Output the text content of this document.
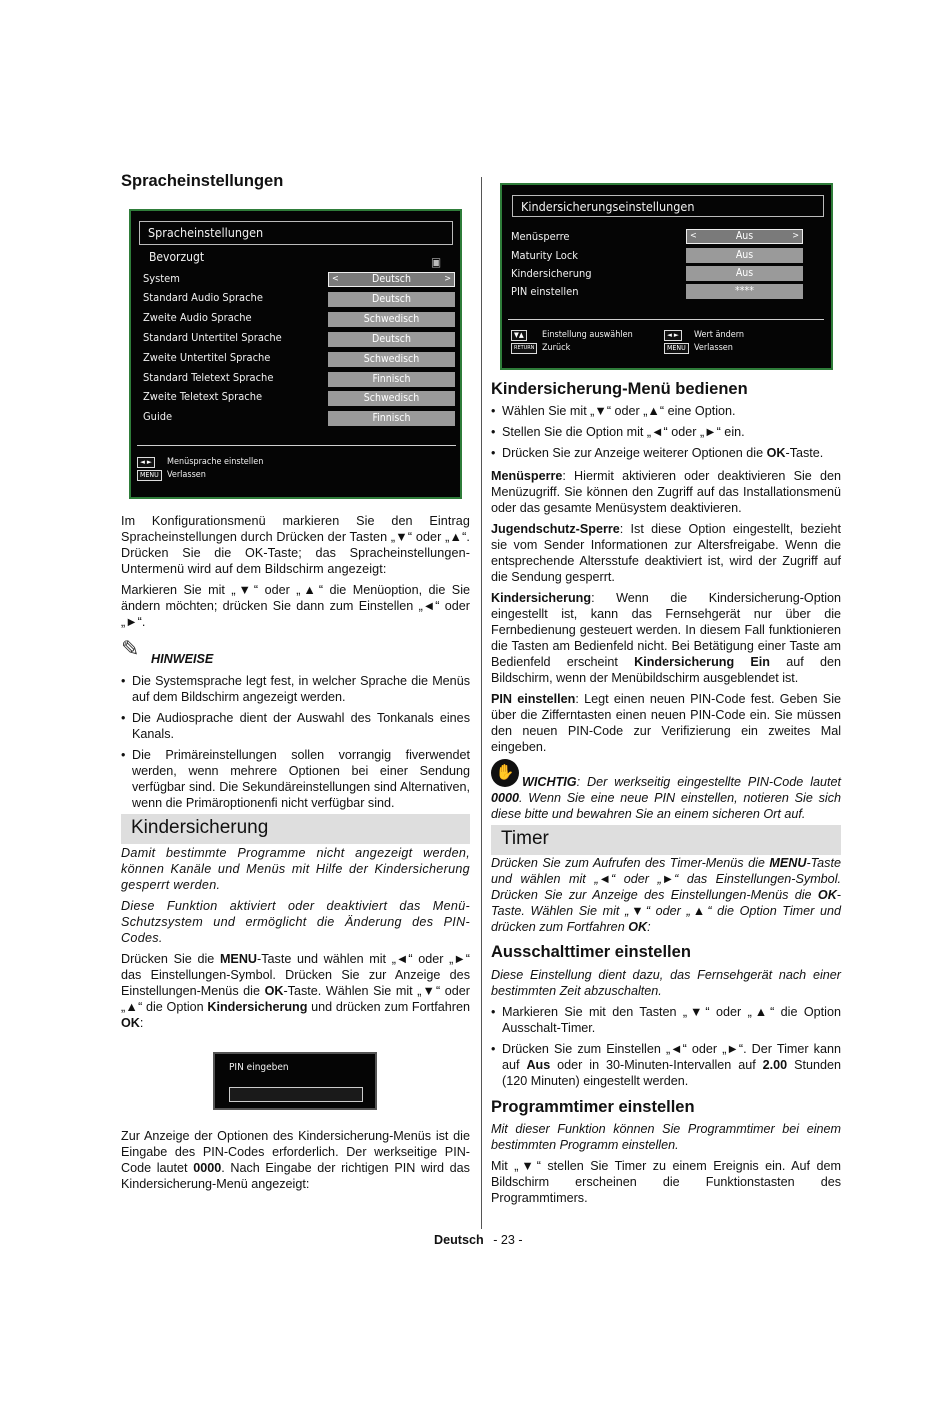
Spracheinstellungen
Spracheinstellungen
Bevorzugt	▣
System	<	Deutsch	>
Standard Audio Sprache	Deutsch
Zweite Audio Sprache	Schwedisch
Standard Untertitel Sprache	Deutsch
Zweite Untertitel Sprache	Schwedisch
Standard Teletext Sprache	Finnisch
Zweite Teletext Sprache	Schwedisch
Guide	Finnisch
◄ ►	Menüsprache einstellen
MENU Verlassen

Im Konfigurationsmenü markieren Sie den Eintrag Spracheinstellungen durch Drücken der Tasten „▼“ oder „▲“. Drücken Sie die OK-Taste; das Spracheinstellungen-Untermenü wird auf dem Bildschirm angezeigt:

Markieren Sie mit „▼“ oder „▲“ die Menüoption, die Sie ändern möchten; drücken Sie dann zum Einstellen „◄“ oder „►“.

✎ HINWEISE
• Die Systemsprache legt fest, in welcher Sprache die Menüs auf dem Bildschirm angezeigt werden.
• Die Audiosprache dient der Auswahl des Tonkanals eines Kanals.
• Die Primäreinstellungen sollen vorrangig fiverwendet werden, wenn mehrere Optionen bei einer Sendung verfügbar sind. Die Sekundäreinstellungen sind Alternativen, wenn die Primäroptionenfi nicht verfügbar sind.
Kindersicherung

Damit bestimmte Programme nicht angezeigt werden, können Kanäle und Menüs mit Hilfe der Kindersicherung gesperrt werden.

Diese Funktion aktiviert oder deaktiviert das Menü-Schutzsystem und ermöglicht die Änderung des PIN-Codes.

Drücken Sie die MENU-Taste und wählen mit „◄“ oder „►“ das Einstellungen-Symbol. Drücken Sie zur Anzeige des Einstellungen-Menüs die OK-Taste. Wählen Sie mit „▼“ oder „▲“ die Option Kindersicherung und drücken zum Fortfahren OK:

PIN eingeben

Zur Anzeige der Optionen des Kindersicherung-Menüs ist die Eingabe des PIN-Codes erforderlich. Der werkseitige PIN-Code lautet 0000. Nach Eingabe der richtigen PIN wird das Kindersicherung-Menü angezeigt:

Kindersicherungseinstellungen
Menüsperre	<	Aus	>
Maturity Lock	Aus
Kindersicherung	Aus
PIN einstellen	****
▼▲	Einstellung auswählen
RETURN Zurück
◄ ►	Wert ändern
MENU Verlassen
Kindersicherung-Menü bedienen
• Wählen Sie mit „▼“ oder „▲“ eine Option.
• Stellen Sie die Option mit „◄“ oder „►“ ein.
• Drücken Sie zur Anzeige weiterer Optionen die OK-Taste.

Menüsperre: Hiermit aktivieren oder deaktivieren Sie den Menüzugriff. Sie können den Zugriff auf das Installationsmenü oder das gesamte Menüsystem deaktivieren.

Jugendschutz-Sperre: Ist diese Option eingestellt, bezieht sie vom Sender Informationen zur Altersfreigabe. Wenn die entsprechende Altersstufe deaktiviert ist, wird der Zugriff auf die Sendung gesperrt.

Kindersicherung: Wenn die Kindersicherung-Option eingestellt ist, kann das Fernsehgerät nur über die Fernbedienung gesteuert werden. In diesem Fall funktionieren die Tasten am Bedienfeld nicht. Bei Betätigung einer Taste am Bedienfeld erscheint Kindersicherung Ein auf den Bildschirm, wenn der Menübildschirm ausgeblendet ist.

PIN einstellen: Legt einen neuen PIN-Code fest. Geben Sie über die Zifferntasten einen neuen PIN-Code ein. Sie müssen den neuen PIN-Code zur Verifizierung ein zweites Mal eingeben.

✋

WICHTIG: Der werkseitig eingestellte PIN-Code lautet 0000. Wenn Sie eine neue PIN einstellen, notieren Sie sich diese bitte und bewahren Sie an einem sicheren Ort auf.

Timer

Drücken Sie zum Aufrufen des Timer-Menüs die MENU-Taste und wählen mit „◄“ oder „►“ das Einstellungen-Symbol. Drücken Sie zur Anzeige des Einstellungen-Menüs die OK-Taste. Wählen Sie mit „▼“ oder „▲“ die Option Timer und drücken zum Fortfahren OK:

Ausschalttimer einstellen

Diese Einstellung dient dazu, das Fernsehgerät nach einer bestimmten Zeit abzuschalten.

• Markieren Sie mit den Tasten „▼“ oder „▲“ die Option Ausschalt-Timer.
• Drücken Sie zum Einstellen „◄“ oder „►“. Der Timer kann auf Aus oder in 30-Minuten-Intervallen auf 2.00 Stunden (120 Minuten) eingestellt werden.
Programmtimer einstellen

Mit dieser Funktion können Sie Programmtimer bei einem bestimmten Programm einstellen.

Mit „▼“ stellen Sie Timer zu einem Ereignis ein. Auf dem Bildschirm erscheinen die Funktionstasten des Programmtimers.

Deutsch - 23 -
